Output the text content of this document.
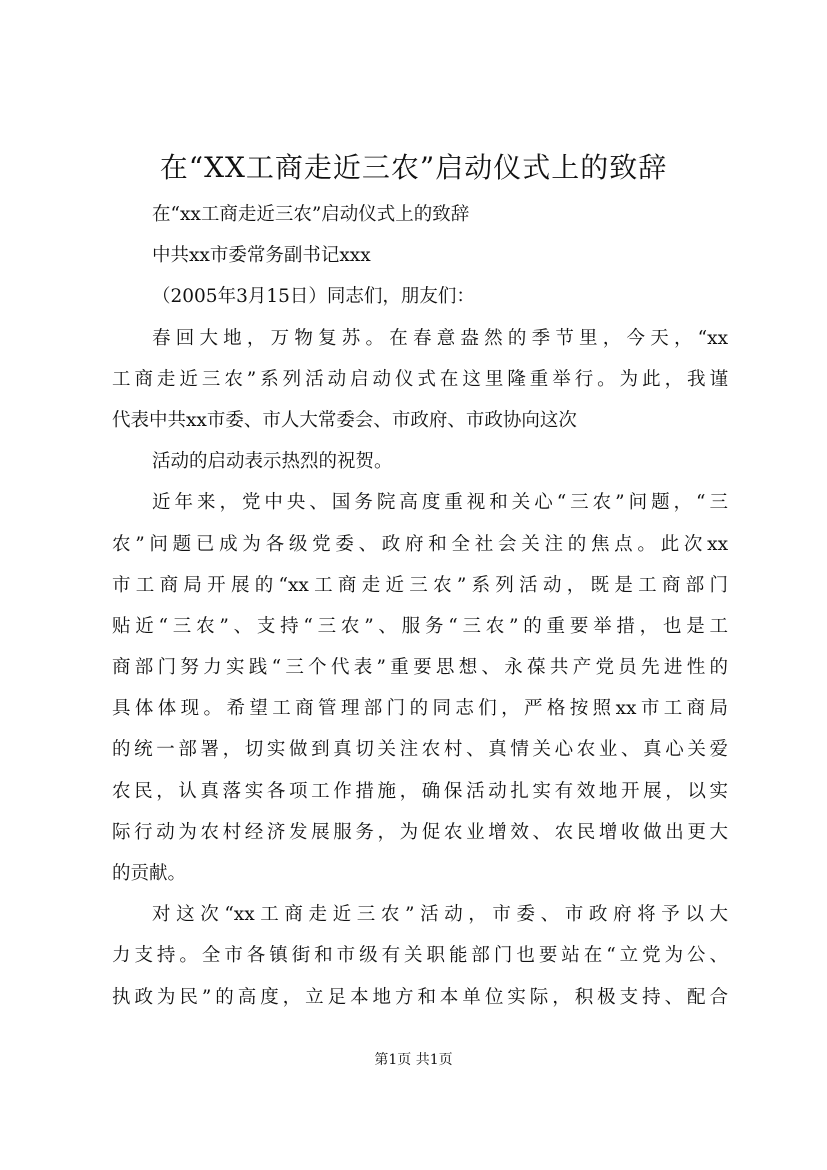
在“XX工商走近三农”启动仪式上的致辞
在“xx工商走近三农”启动仪式上的致辞
中共xx市委常务副书记xxx
（2005年3月15日）同志们，朋友们：
春回大地，万物复苏。在春意盎然的季节里，今天，“xx
工商走近三农”系列活动启动仪式在这里隆重举行。为此，我谨
代表中共xx市委、市人大常委会、市政府、市政协向这次
活动的启动表示热烈的祝贺。
近年来，党中央、国务院高度重视和关心“三农”问题，“三
农”问题已成为各级党委、政府和全社会关注的焦点。此次xx
市工商局开展的“xx工商走近三农”系列活动，既是工商部门
贴近“三农”、支持“三农”、服务“三农”的重要举措，也是工
商部门努力实践“三个代表”重要思想、永葆共产党员先进性的
具体体现。希望工商管理部门的同志们，严格按照xx市工商局
的统一部署，切实做到真切关注农村、真情关心农业、真心关爱
农民，认真落实各项工作措施，确保活动扎实有效地开展，以实
际行动为农村经济发展服务，为促农业增效、农民增收做出更大
的贡献。
对这次“xx工商走近三农”活动，市委、市政府将予以大
力支持。全市各镇街和市级有关职能部门也要站在“立党为公、
执政为民”的高度，立足本地方和本单位实际，积极支持、配合
第1页 共1页
